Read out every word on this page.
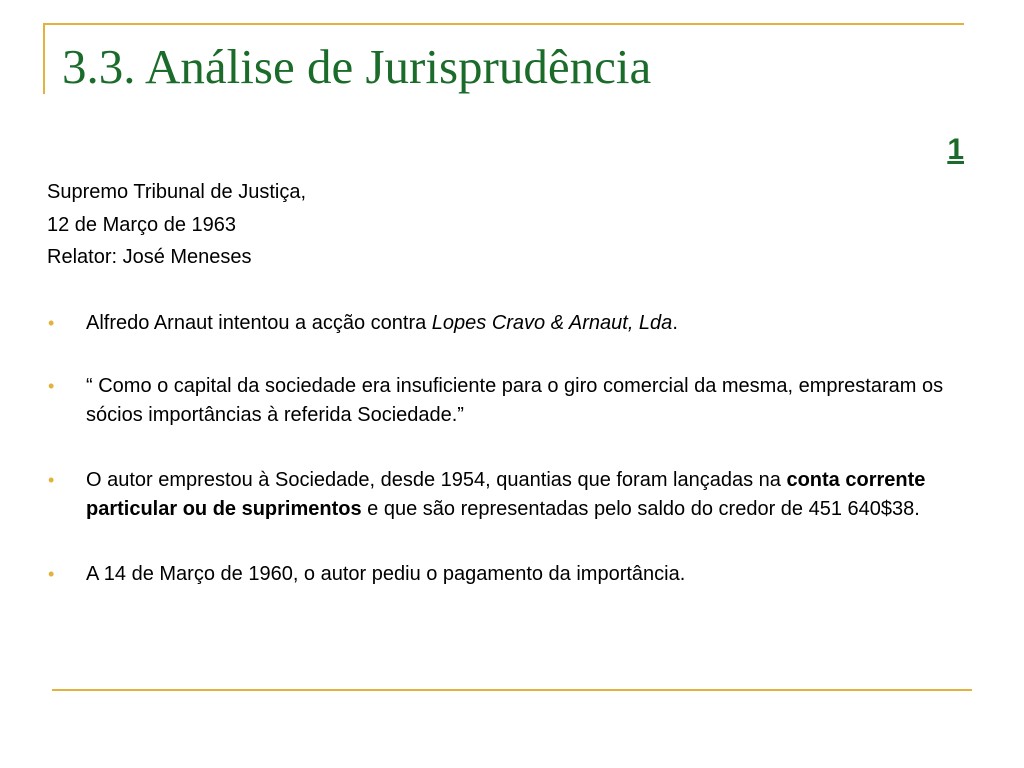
3.3. Análise de Jurisprudência
1
Supremo Tribunal de Justiça,
12 de Março de 1963
Relator: José Meneses
• Alfredo Arnaut intentou a acção contra Lopes Cravo & Arnaut, Lda.
• “ Como o capital da sociedade era insuficiente para o giro comercial da mesma, emprestaram os sócios importâncias à referida Sociedade.”
• O autor emprestou à Sociedade, desde 1954, quantias que foram lançadas na conta corrente particular ou de suprimentos e que são representadas pelo saldo do credor de 451 640$38.
• A 14 de Março de 1960, o autor pediu o pagamento da importância.
